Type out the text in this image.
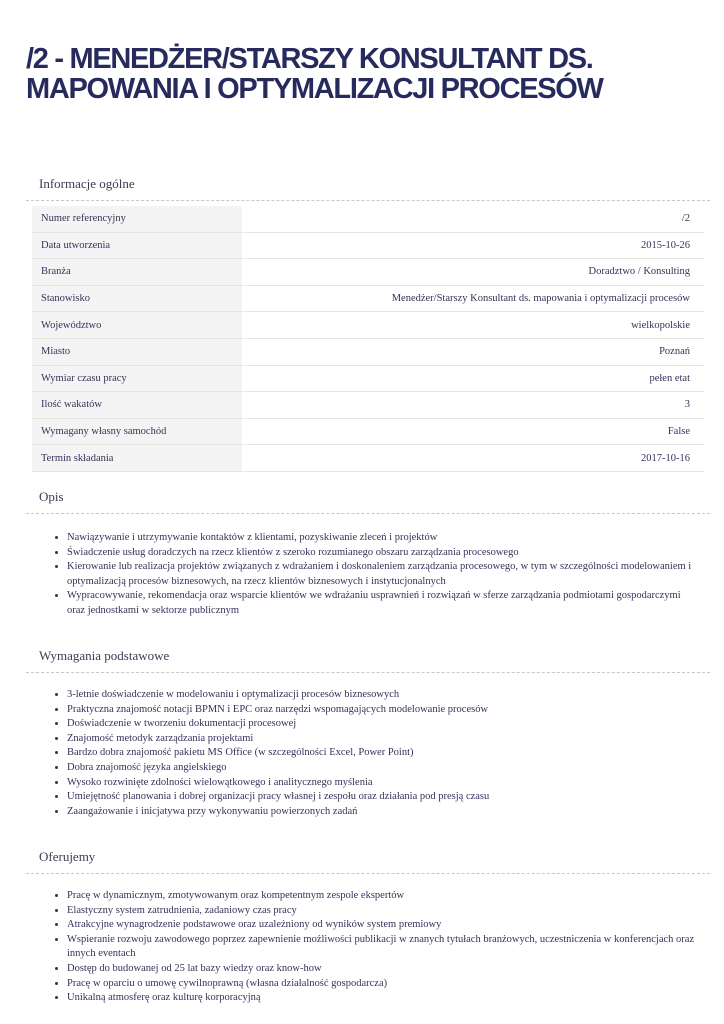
/2 - MENEDŻER/STARSZY KONSULTANT DS. MAPOWANIA I OPTYMALIZACJI PROCESÓW
Informacje ogólne
Numer referencyjny	/2
Data utworzenia	2015-10-26
Branża	Doradztwo / Konsulting
Stanowisko	Menedżer/Starszy Konsultant ds. mapowania i optymalizacji procesów
Województwo	wielkopolskie
Miasto	Poznań
Wymiar czasu pracy	pełen etat
Ilość wakatów	3
Wymagany własny samochód	False
Termin składania	2017-10-16
Opis
• Nawiązywanie i utrzymywanie kontaktów z klientami, pozyskiwanie zleceń i projektów
• Świadczenie usług doradczych na rzecz klientów z szeroko rozumianego obszaru zarządzania procesowego
• Kierowanie lub realizacja projektów związanych z wdrażaniem i doskonaleniem zarządzania procesowego, w tym w szczególności modelowaniem i optymalizacją procesów biznesowych, na rzecz klientów biznesowych i instytucjonalnych
• Wypracowywanie, rekomendacja oraz wsparcie klientów we wdrażaniu usprawnień i rozwiązań w sferze zarządzania podmiotami gospodarczymi oraz jednostkami w sektorze publicznym
Wymagania podstawowe
• 3-letnie doświadczenie w modelowaniu i optymalizacji procesów biznesowych
• Praktyczna znajomość notacji BPMN i EPC oraz narzędzi wspomagających modelowanie procesów
• Doświadczenie w tworzeniu dokumentacji procesowej
• Znajomość metodyk zarządzania projektami
• Bardzo dobra znajomość pakietu MS Office (w szczególności Excel, Power Point)
• Dobra znajomość języka angielskiego
• Wysoko rozwinięte zdolności wielowątkowego i analitycznego myślenia
• Umiejętność planowania i dobrej organizacji pracy własnej i zespołu oraz działania pod presją czasu
• Zaangażowanie i inicjatywa przy wykonywaniu powierzonych zadań
Oferujemy
• Pracę w dynamicznym, zmotywowanym oraz kompetentnym zespole ekspertów
• Elastyczny system zatrudnienia, zadaniowy czas pracy
• Atrakcyjne wynagrodzenie podstawowe oraz uzależniony od wyników system premiowy
• Wspieranie rozwoju zawodowego poprzez zapewnienie możliwości publikacji w znanych tytułach branżowych, uczestniczenia w konferencjach oraz innych eventach
• Dostęp do budowanej od 25 lat bazy wiedzy oraz know-how
• Pracę w oparciu o umowę cywilnoprawną (własna działalność gospodarcza)
• Unikalną atmosferę oraz kulturę korporacyjną
